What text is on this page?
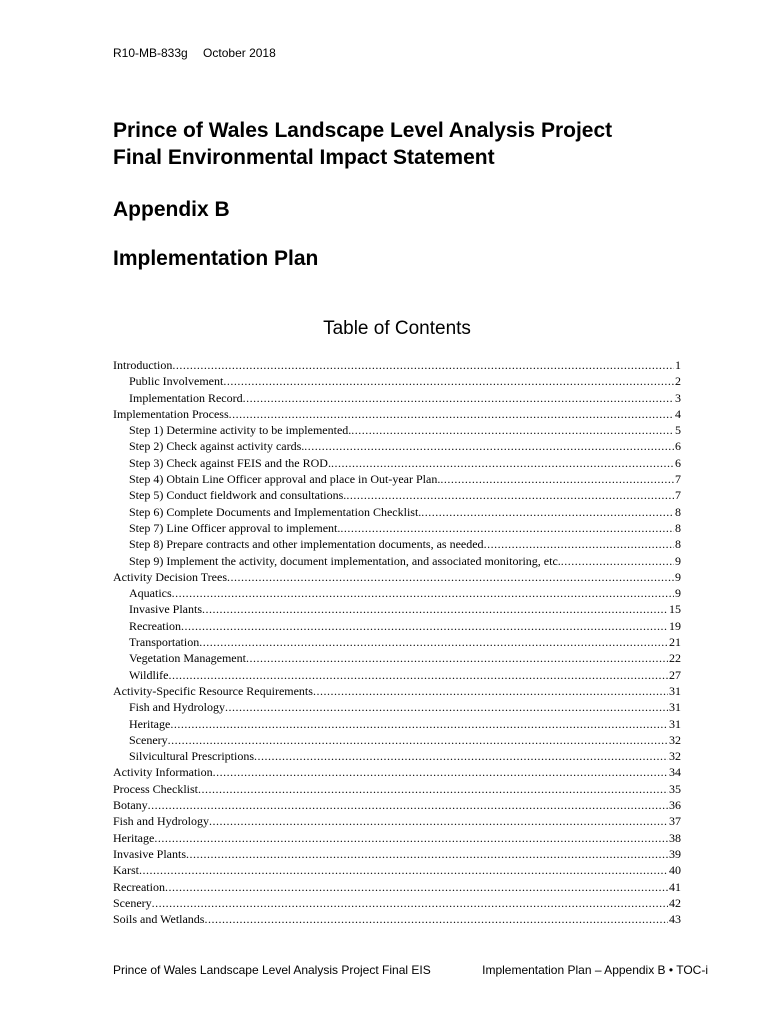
R10-MB-833g October 2018
Prince of Wales Landscape Level Analysis Project
Final Environmental Impact Statement
Appendix B
Implementation Plan
Table of Contents
Introduction .....	1
Public Involvement .....	2
Implementation Record .....	3
Implementation Process .....	4
Step 1) Determine activity to be implemented. .....	5
Step 2) Check against activity cards. .....	6
Step 3) Check against FEIS and the ROD. .....	6
Step 4) Obtain Line Officer approval and place in Out-year Plan. .....	7
Step 5) Conduct fieldwork and consultations. .....	7
Step 6) Complete Documents and Implementation Checklist. .....	8
Step 7) Line Officer approval to implement. .....	8
Step 8) Prepare contracts and other implementation documents, as needed .....	8
Step 9) Implement the activity, document implementation, and associated monitoring, etc. .....	9
Activity Decision Trees .....	9
Aquatics .....	9
Invasive Plants .....	15
Recreation .....	19
Transportation .....	21
Vegetation Management .....	22
Wildlife .....	27
Activity-Specific Resource Requirements .....	31
Fish and Hydrology .....	31
Heritage .....	31
Scenery .....	32
Silvicultural Prescriptions .....	32
Activity Information .....	34
Process Checklist .....	35
Botany .....	36
Fish and Hydrology .....	37
Heritage .....	38
Invasive Plants .....	39
Karst .....	40
Recreation .....	41
Scenery .....	42
Soils and Wetlands .....	43
Prince of Wales Landscape Level Analysis Project Final EIS	Implementation Plan – Appendix B • TOC-i
